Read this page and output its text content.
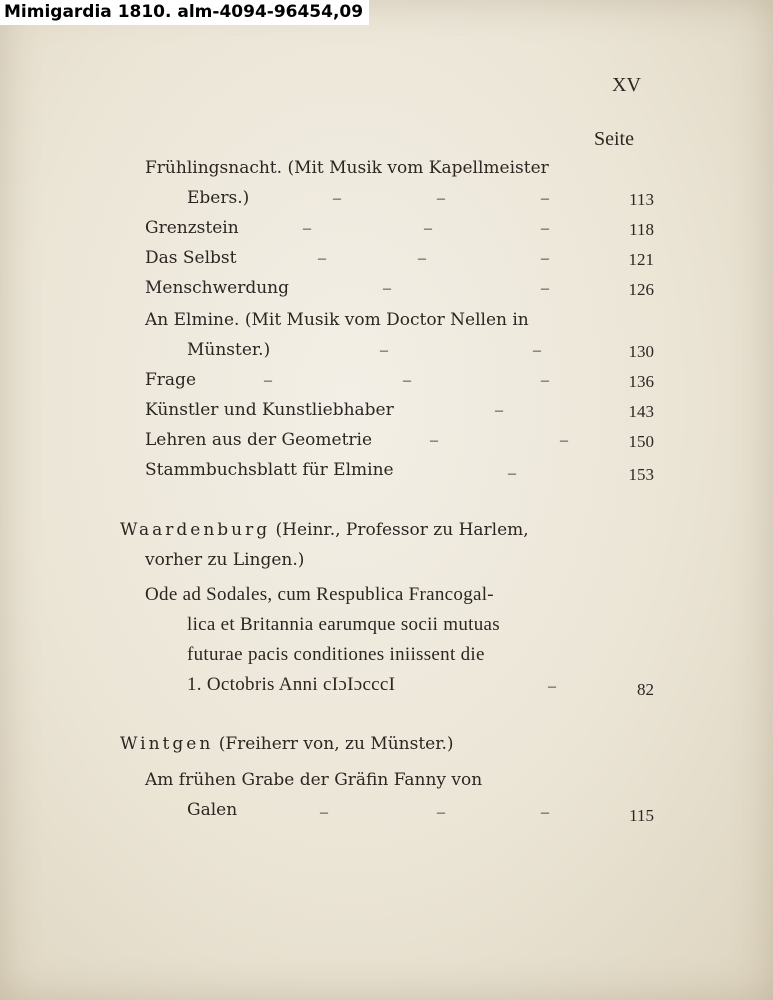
Mimigardia 1810. alm-4094-96454,09
XV
Seite
Frühlingsnacht. (Mit Musik vom Kapellmeister
Ebers.)	–	–	–	113
Grenzstein	–	–	–	118
Das Selbst	–	–	–	121
Menschwerdung	–	–	126
An Elmine. (Mit Musik vom Doctor Nellen in
Münster.)	–	–	130
Frage	–	–	–	136
Künstler und Kunstliebhaber	–	143
Lehren aus der Geometrie	–	–	150
Stammbuchsblatt für Elmine	–	153
Waardenburg (Heinr., Professor zu Harlem,
vorher zu Lingen.)
Ode ad Sodales, cum Respublica Francogal-
lica et Britannia earumque socii mutuas
futurae pacis conditiones iniissent die
1. Octobris Anni cIɔIɔcccI	–	82
Wintgen (Freiherr von, zu Münster.)
Am frühen Grabe der Gräfin Fanny von
Galen	–	–	–	115
